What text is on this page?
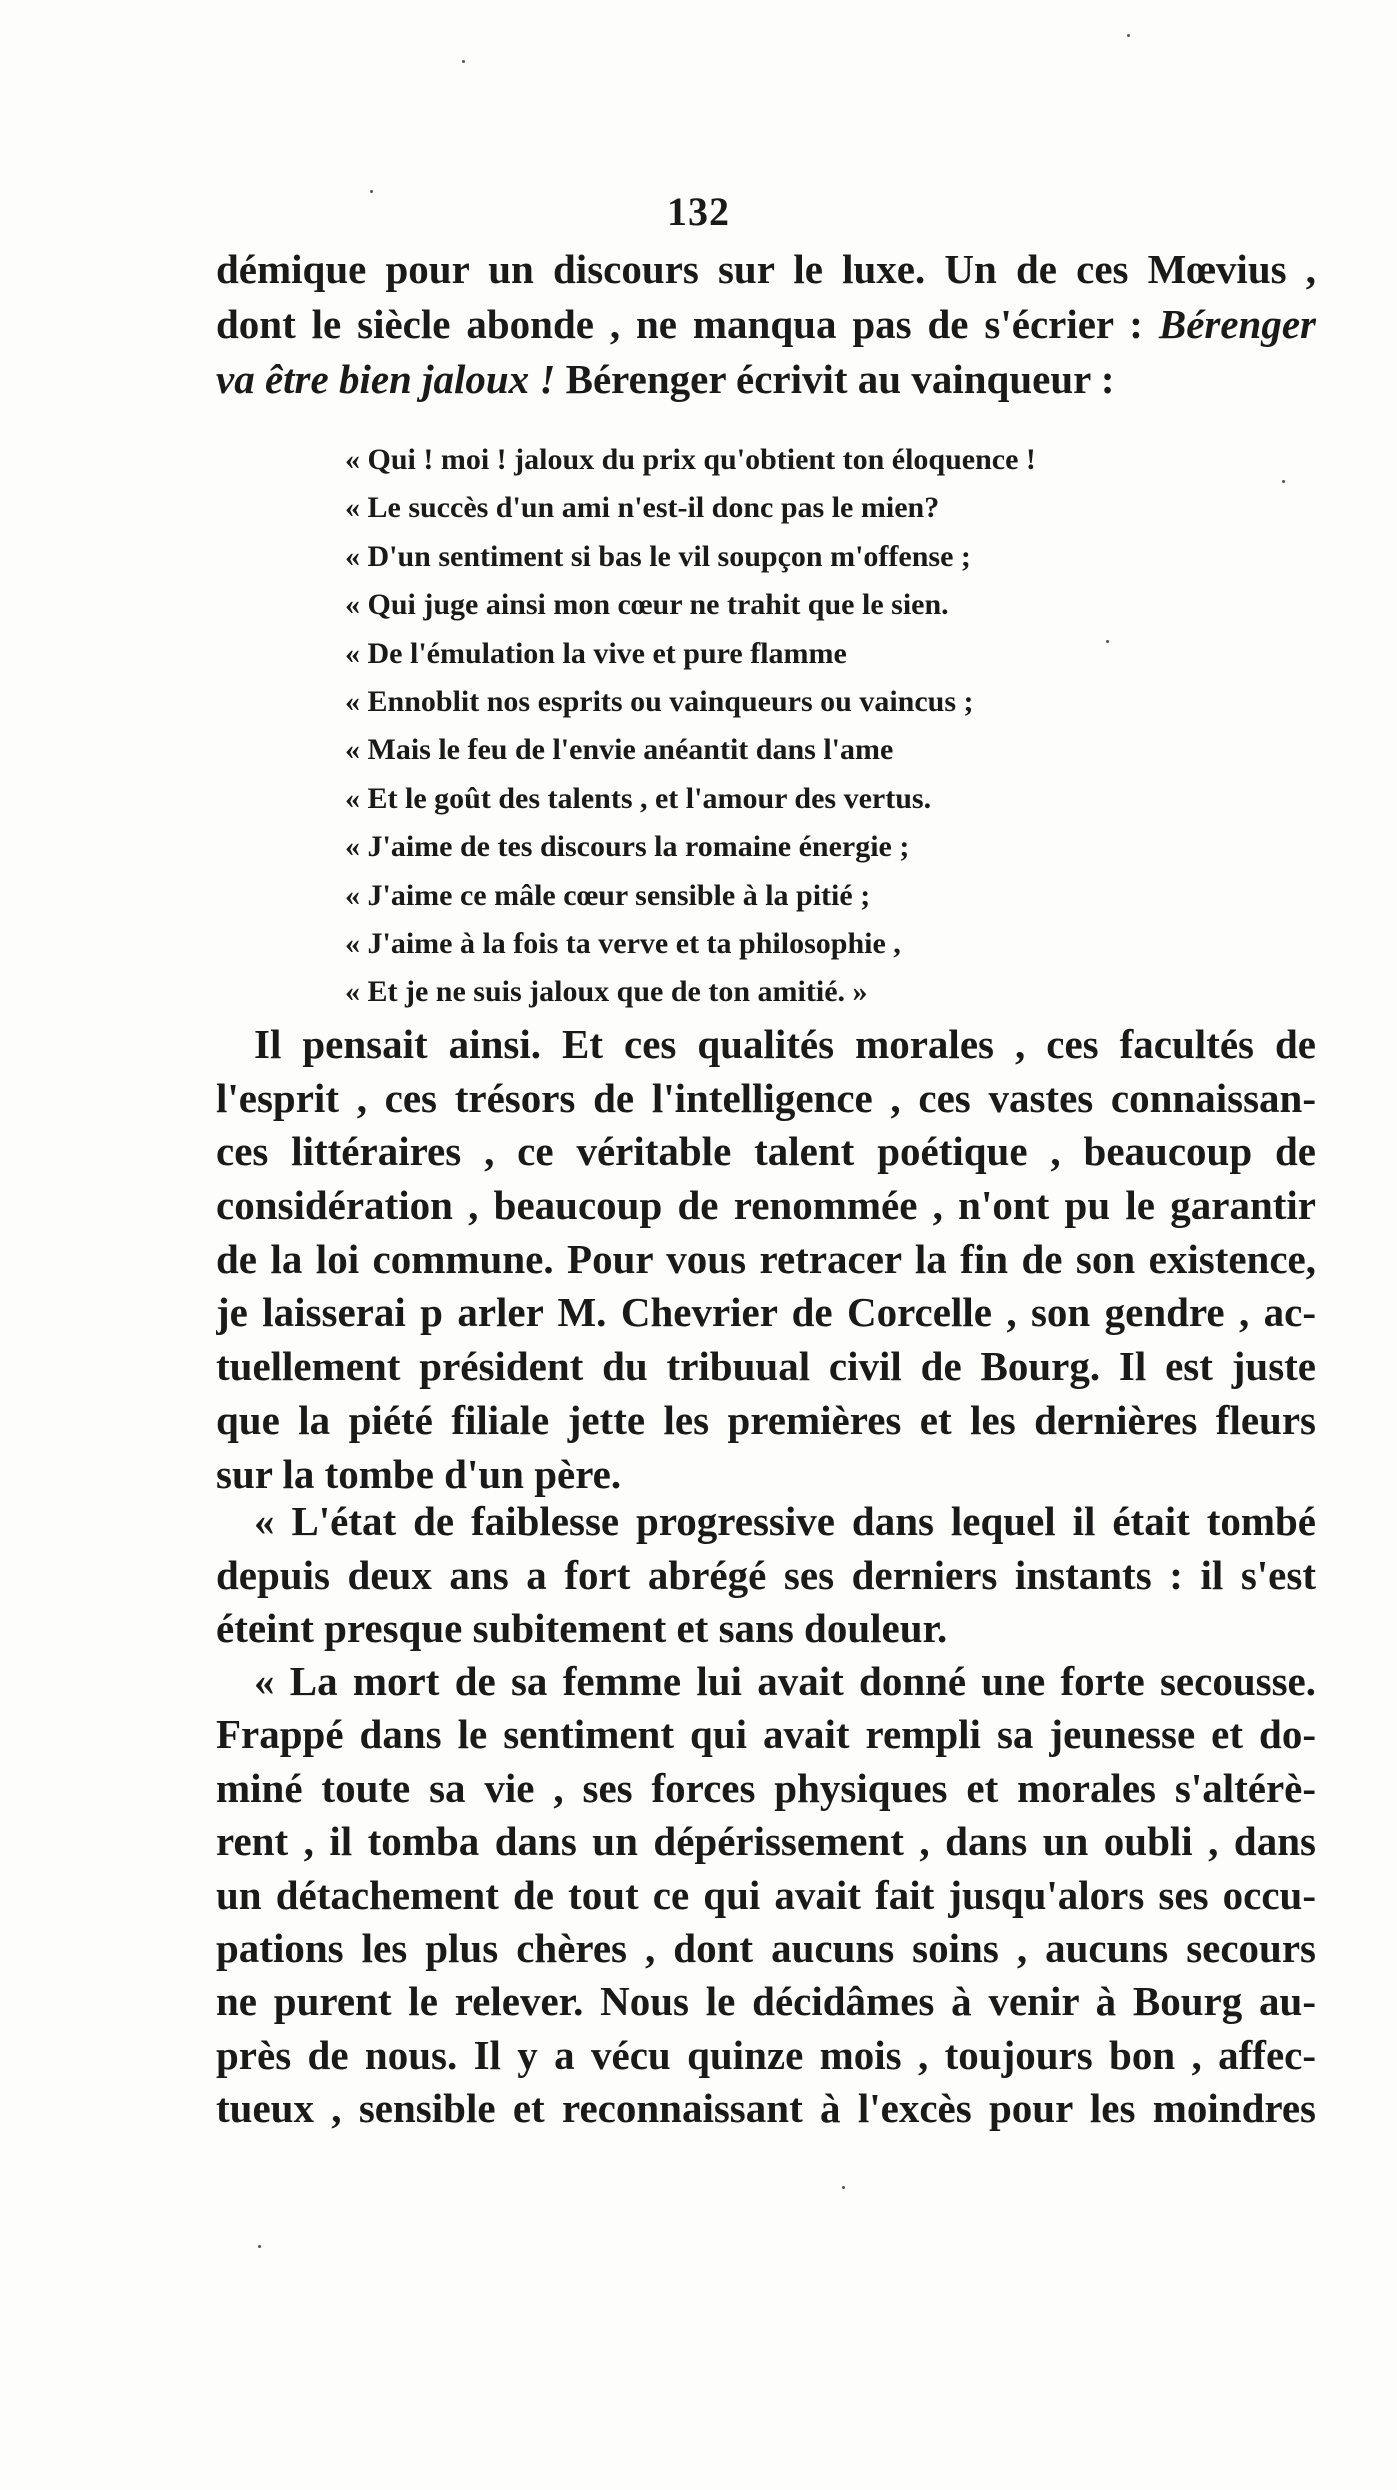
132
démique pour un discours sur le luxe. Un de ces Mœvius ,
dont le siècle abonde , ne manqua pas de s'écrier : Bérenger
va être bien jaloux ! Bérenger écrivit au vainqueur :
« Qui ! moi ! jaloux du prix qu'obtient ton éloquence !
« Le succès d'un ami n'est-il donc pas le mien?
« D'un sentiment si bas le vil soupçon m'offense ;
« Qui juge ainsi mon cœur ne trahit que le sien.
« De l'émulation la vive et pure flamme
« Ennoblit nos esprits ou vainqueurs ou vaincus ;
« Mais le feu de l'envie anéantit dans l'ame
« Et le goût des talents , et l'amour des vertus.
« J'aime de tes discours la romaine énergie ;
« J'aime ce mâle cœur sensible à la pitié ;
« J'aime à la fois ta verve et ta philosophie ,
« Et je ne suis jaloux que de ton amitié. »
Il pensait ainsi. Et ces qualités morales , ces facultés de
l'esprit , ces trésors de l'intelligence , ces vastes connaissan-
ces littéraires , ce véritable talent poétique , beaucoup de
considération , beaucoup de renommée , n'ont pu le garantir
de la loi commune. Pour vous retracer la fin de son existence,
je laisserai p arler M. Chevrier de Corcelle , son gendre , ac-
tuellement président du tribuual civil de Bourg. Il est juste
que la piété filiale jette les premières et les dernières fleurs
sur la tombe d'un père.
« L'état de faiblesse progressive dans lequel il était tombé
depuis deux ans a fort abrégé ses derniers instants : il s'est
éteint presque subitement et sans douleur.
« La mort de sa femme lui avait donné une forte secousse.
Frappé dans le sentiment qui avait rempli sa jeunesse et do-
miné toute sa vie , ses forces physiques et morales s'altérè-
rent , il tomba dans un dépérissement , dans un oubli , dans
un détachement de tout ce qui avait fait jusqu'alors ses occu-
pations les plus chères , dont aucuns soins , aucuns secours
ne purent le relever. Nous le décidâmes à venir à Bourg au-
près de nous. Il y a vécu quinze mois , toujours bon , affec-
tueux , sensible et reconnaissant à l'excès pour les moindres
